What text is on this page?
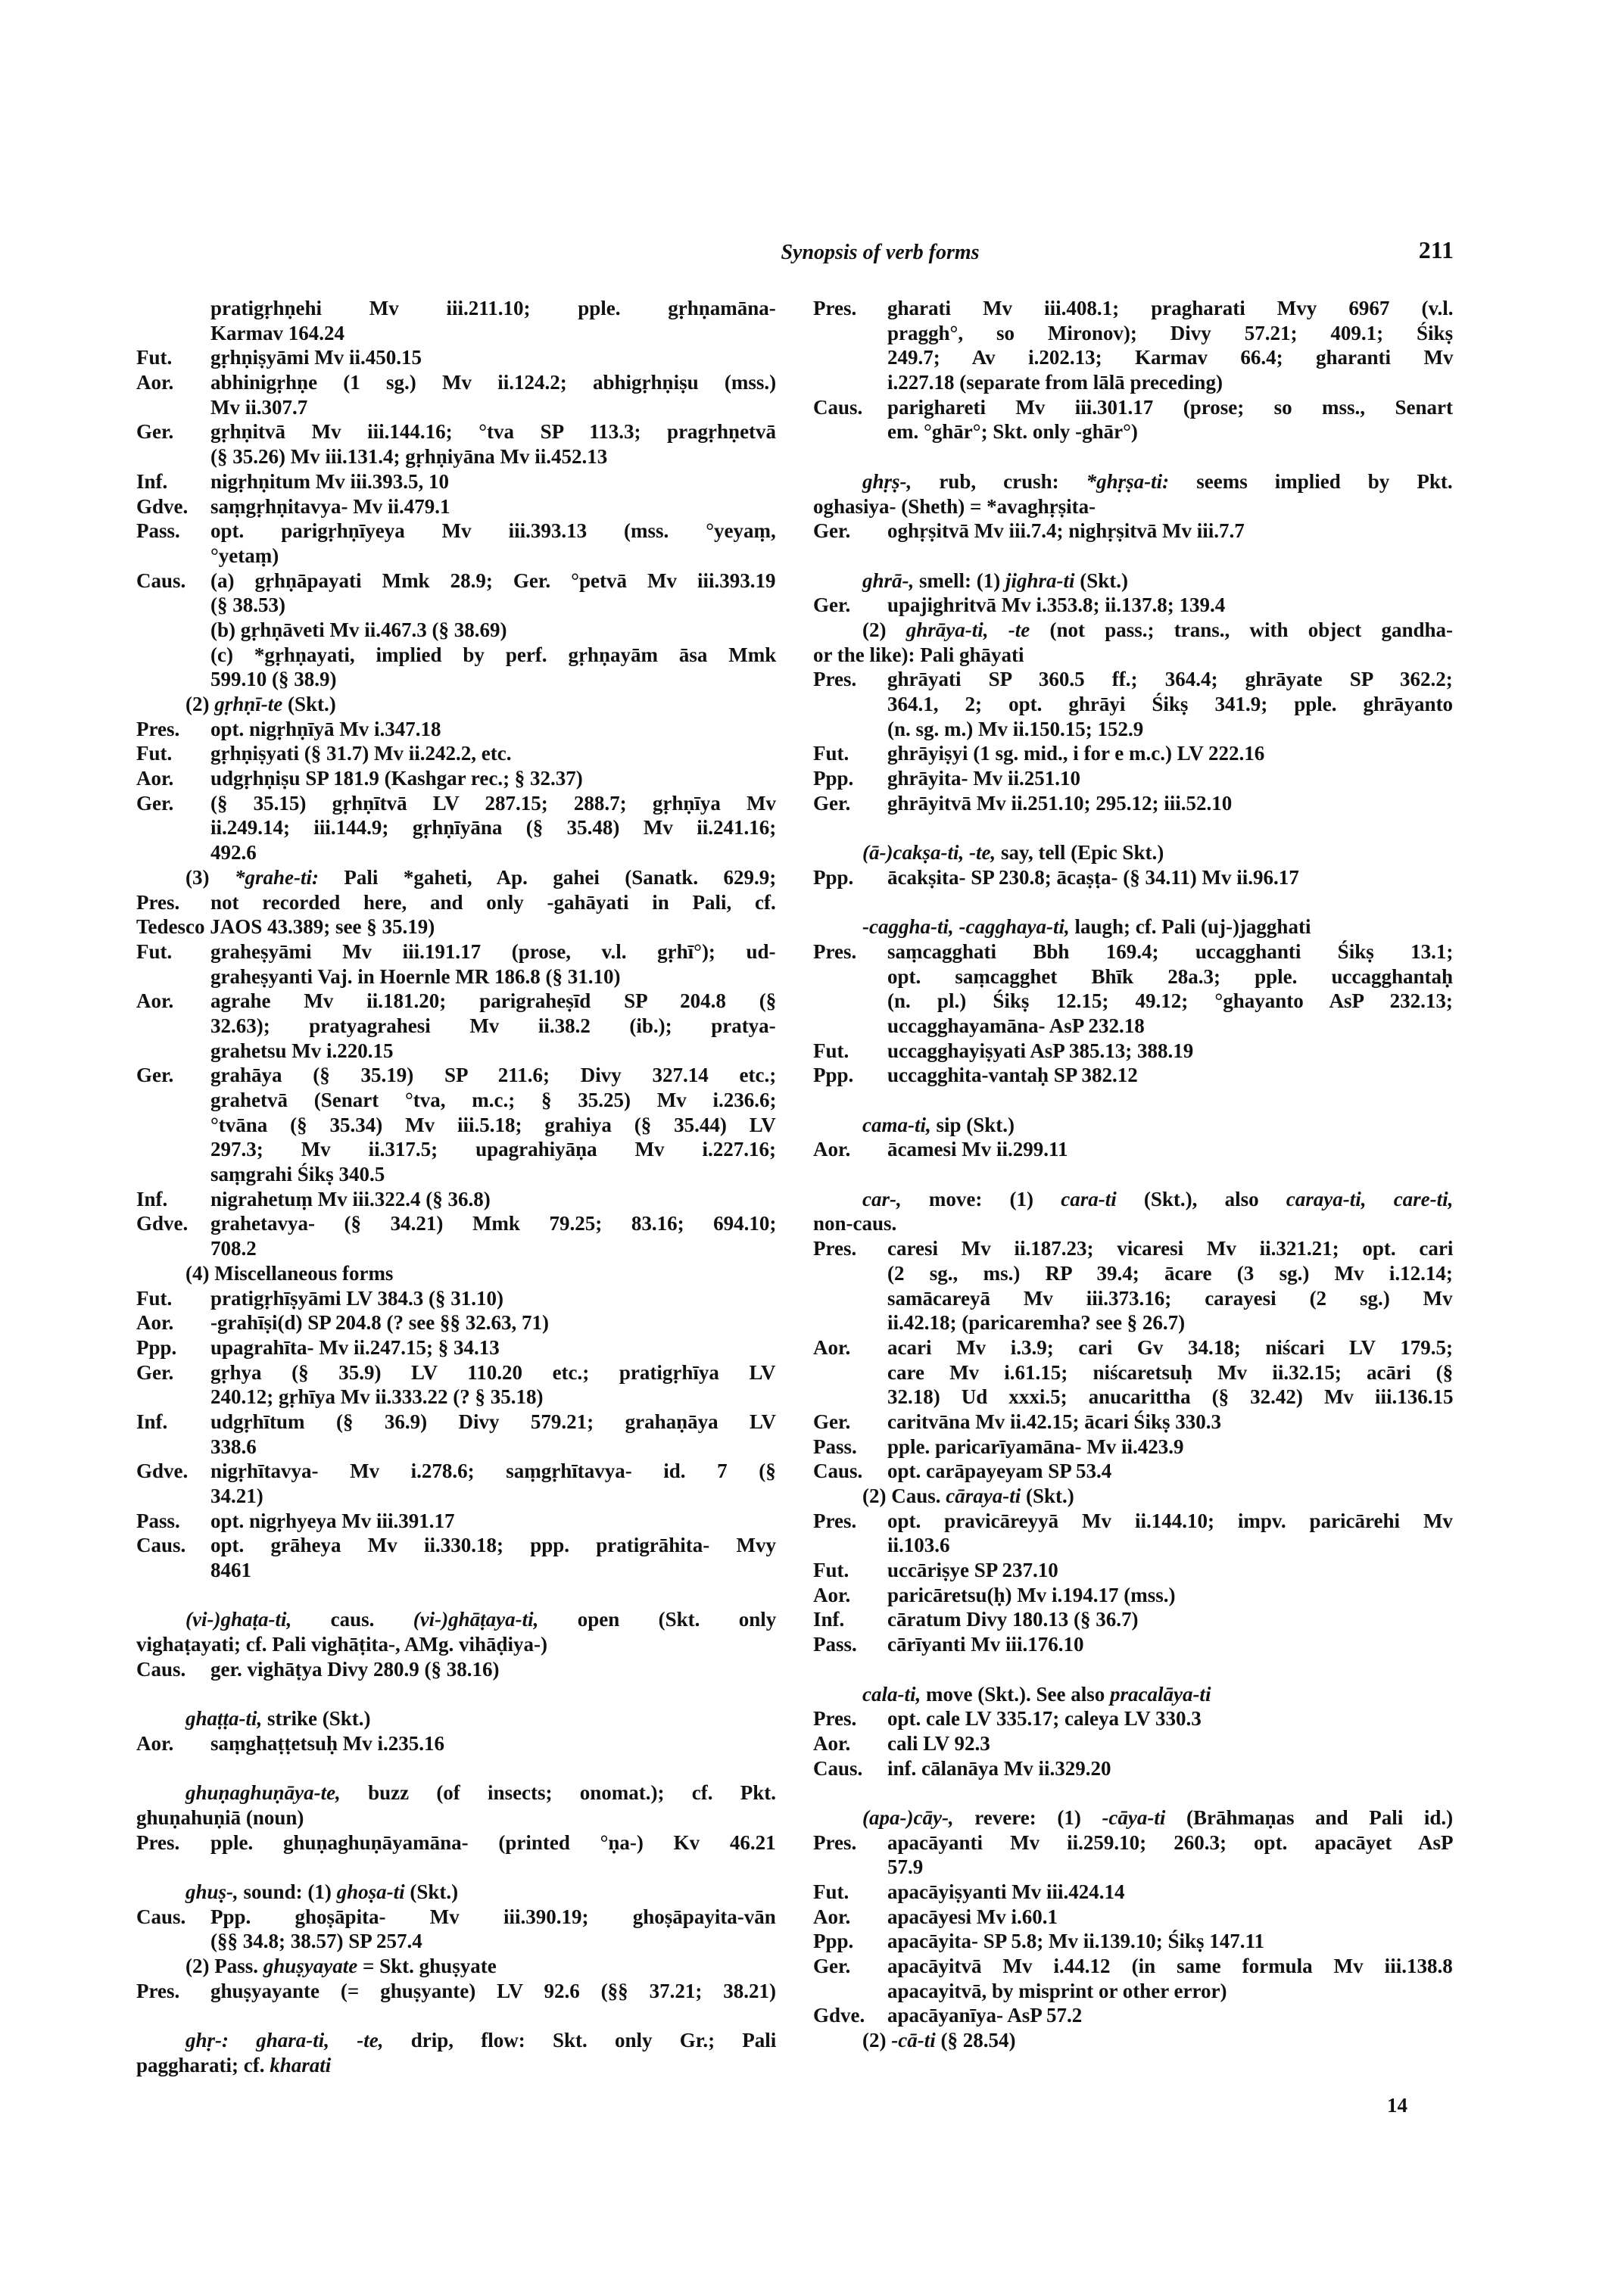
Synopsis of verb forms	211
pratigṛhṇehi Mv iii.211.10; pple. gṛhṇamāna-
Karmav 164.24
Fut. gṛhṇiṣyāmi Mv ii.450.15
Aor. abhinigṛhṇe (1 sg.) Mv ii.124.2; abhigṛhṇiṣu (mss.)
Mv ii.307.7
Ger. gṛhṇitvā Mv iii.144.16; °tva SP 113.3; pragṛhṇetvā
(§ 35.26) Mv iii.131.4; gṛhṇiyāna Mv ii.452.13
Inf. nigṛhṇitum Mv iii.393.5, 10
Gdve. saṃgṛhṇitavya- Mv ii.479.1
Pass. opt. parigṛhṇīyeya Mv iii.393.13 (mss. °yeyaṃ,
°yetaṃ)
Caus. (a) gṛhṇāpayati Mmk 28.9; Ger. °petvā Mv iii.393.19
(§ 38.53)
(b) gṛhṇāveti Mv ii.467.3 (§ 38.69)
(c) *gṛhṇayati, implied by perf. gṛhṇayām āsa Mmk
599.10 (§ 38.9)
(2) gṛhṇī-te (Skt.)
Pres. opt. nigṛhṇīyā Mv i.347.18
Fut. gṛhṇiṣyati (§ 31.7) Mv ii.242.2, etc.
Aor. udgṛhṇiṣu SP 181.9 (Kashgar rec.; § 32.37)
Ger. (§ 35.15) gṛhṇītvā LV 287.15; 288.7; gṛhṇīya Mv
ii.249.14; iii.144.9; gṛhṇīyāna (§ 35.48) Mv ii.241.16;
492.6
(3) *grahe-ti: Pali *gaheti, Ap. gahei (Sanatk. 629.9;
Pres. not recorded here, and only -gahāyati in Pali, cf.
Tedesco JAOS 43.389; see § 35.19)
Fut. graheṣyāmi Mv iii.191.17 (prose, v.l. gṛhī°); ud-
graheṣyanti Vaj. in Hoernle MR 186.8 (§ 31.10)
Aor. agrahe Mv ii.181.20; parigraheṣīd SP 204.8 (§
32.63); pratyagrahesi Mv ii.38.2 (ib.); pratya-
grahetsu Mv i.220.15
Ger. grahāya (§ 35.19) SP 211.6; Divy 327.14 etc.;
grahetvā (Senart °tva, m.c.; § 35.25) Mv i.236.6;
°tvāna (§ 35.34) Mv iii.5.18; grahiya (§ 35.44) LV
297.3; Mv ii.317.5; upagrahiyāṇa Mv i.227.16;
saṃgrahi Śikṣ 340.5
Inf. nigrahetuṃ Mv iii.322.4 (§ 36.8)
Gdve. grahetavya- (§ 34.21) Mmk 79.25; 83.16; 694.10;
708.2
(4) Miscellaneous forms
Fut. pratigṛhīṣyāmi LV 384.3 (§ 31.10)
Aor. -grahīṣi(d) SP 204.8 (? see §§ 32.63, 71)
Ppp. upagrahīta- Mv ii.247.15; § 34.13
Ger. gṛhya (§ 35.9) LV 110.20 etc.; pratigṛhīya LV
240.12; gṛhīya Mv ii.333.22 (? § 35.18)
Inf. udgṛhītum (§ 36.9) Divy 579.21; grahaṇāya LV
338.6
Gdve. nigṛhītavya- Mv i.278.6; saṃgṛhītavya- id. 7 (§
34.21)
Pass. opt. nigṛhyeya Mv iii.391.17
Caus. opt. grāheya Mv ii.330.18; ppp. pratigrāhita- Mvy
8461
(vi-)ghaṭa-ti, caus. (vi-)ghāṭaya-ti, open (Skt. only
vighaṭayati; cf. Pali vighāṭita-, AMg. vihāḍiya-)
Caus. ger. vighāṭya Divy 280.9 (§ 38.16)
ghaṭṭa-ti, strike (Skt.)
Aor. saṃghaṭṭetsuḥ Mv i.235.16
ghuṇaghuṇāya-te, buzz (of insects; onomat.); cf. Pkt.
ghuṇahuṇiā (noun)
Pres. pple. ghuṇaghuṇāyamāna- (printed °ṇa-) Kv 46.21
ghuṣ-, sound: (1) ghoṣa-ti (Skt.)
Caus. Ppp. ghoṣāpita- Mv iii.390.19; ghoṣāpayita-vān
(§§ 34.8; 38.57) SP 257.4
(2) Pass. ghuṣyayate = Skt. ghuṣyate
Pres. ghuṣyayante (= ghuṣyante) LV 92.6 (§§ 37.21; 38.21)
ghṛ-: ghara-ti, -te, drip, flow: Skt. only Gr.; Pali
paggharati; cf. kharati
Pres. gharati Mv iii.408.1; pragharati Mvy 6967 (v.l.
praggh°, so Mironov); Divy 57.21; 409.1; Śikṣ
249.7; Av i.202.13; Karmav 66.4; gharanti Mv
i.227.18 (separate from lālā preceding)
Caus. parighareti Mv iii.301.17 (prose; so mss., Senart
em. °ghār°; Skt. only -ghār°)
ghṛṣ-, rub, crush: *ghṛṣa-ti: seems implied by Pkt.
oghasiya- (Sheth) = *avaghṛṣita-
Ger. oghṛṣitvā Mv iii.7.4; nighṛṣitvā Mv iii.7.7
ghrā-, smell: (1) jighra-ti (Skt.)
Ger. upajighritvā Mv i.353.8; ii.137.8; 139.4
(2) ghrāya-ti, -te (not pass.; trans., with object gandha-
or the like): Pali ghāyati
Pres. ghrāyati SP 360.5 ff.; 364.4; ghrāyate SP 362.2;
364.1, 2; opt. ghrāyi Śikṣ 341.9; pple. ghrāyanto
(n. sg. m.) Mv ii.150.15; 152.9
Fut. ghrāyiṣyi (1 sg. mid., i for e m.c.) LV 222.16
Ppp. ghrāyita- Mv ii.251.10
Ger. ghrāyitvā Mv ii.251.10; 295.12; iii.52.10
(ā-)cakṣa-ti, -te, say, tell (Epic Skt.)
Ppp. ācakṣita- SP 230.8; ācaṣṭa- (§ 34.11) Mv ii.96.17
-caggha-ti, -cagghaya-ti, laugh; cf. Pali (uj-)jagghati
Pres. saṃcagghati Bbh 169.4; uccagghanti Śikṣ 13.1;
opt. saṃcagghet Bhīk 28a.3; pple. uccagghantaḥ
(n. pl.) Śikṣ 12.15; 49.12; °ghayanto AsP 232.13;
uccagghayamāna- AsP 232.18
Fut. uccagghayiṣyati AsP 385.13; 388.19
Ppp. uccagghita-vantaḥ SP 382.12
cama-ti, sip (Skt.)
Aor. ācamesi Mv ii.299.11
car-, move: (1) cara-ti (Skt.), also caraya-ti, care-ti,
non-caus.
Pres. caresi Mv ii.187.23; vicaresi Mv ii.321.21; opt. cari
(2 sg., ms.) RP 39.4; ācare (3 sg.) Mv i.12.14;
samācareyā Mv iii.373.16; carayesi (2 sg.) Mv
ii.42.18; (paricaremha? see § 26.7)
Aor. acari Mv i.3.9; cari Gv 34.18; niścari LV 179.5;
care Mv i.61.15; niścaretsuḥ Mv ii.32.15; acāri (§
32.18) Ud xxxi.5; anucarittha (§ 32.42) Mv iii.136.15
Ger. caritvāna Mv ii.42.15; ācari Śikṣ 330.3
Pass. pple. paricarīyamāna- Mv ii.423.9
Caus. opt. carāpayeyam SP 53.4
(2) Caus. cāraya-ti (Skt.)
Pres. opt. pravicāreyyā Mv ii.144.10; impv. paricārehi Mv
ii.103.6
Fut. uccāriṣye SP 237.10
Aor. paricāretsu(ḥ) Mv i.194.17 (mss.)
Inf. cāratum Divy 180.13 (§ 36.7)
Pass. cārīyanti Mv iii.176.10
cala-ti, move (Skt.). See also pracalāya-ti
Pres. opt. cale LV 335.17; caleya LV 330.3
Aor. cali LV 92.3
Caus. inf. cālanāya Mv ii.329.20
(apa-)cāy-, revere: (1) -cāya-ti (Brāhmaṇas and Pali id.)
Pres. apacāyanti Mv ii.259.10; 260.3; opt. apacāyet AsP
57.9
Fut. apacāyiṣyanti Mv iii.424.14
Aor. apacāyesi Mv i.60.1
Ppp. apacāyita- SP 5.8; Mv ii.139.10; Śikṣ 147.11
Ger. apacāyitvā Mv i.44.12 (in same formula Mv iii.138.8
apacayitvā, by misprint or other error)
Gdve. apacāyanīya- AsP 57.2
(2) -cā-ti (§ 28.54)
14
